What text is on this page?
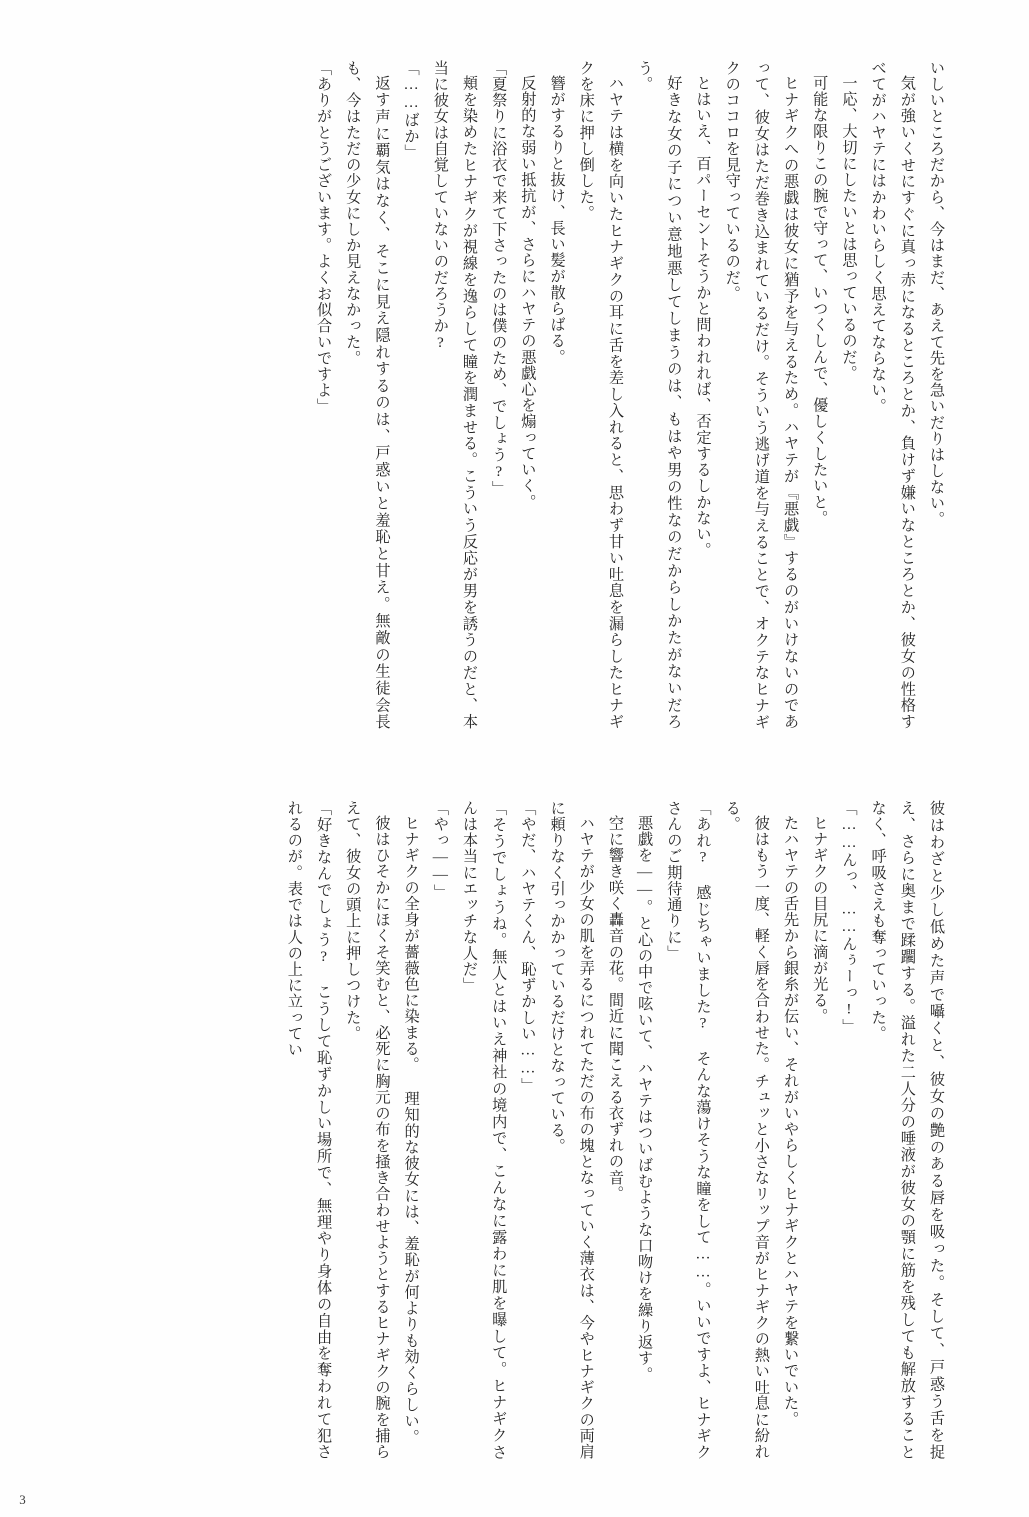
いしいところだから、今はまだ、あえて先を急いだりはしない。

気が強いくせにすぐに真っ赤になるところとか、負けず嫌いなところとか、彼女の性格すべてがハヤテにはかわいらしく思えてならない。

一応、大切にしたいとは思っているのだ。

可能な限りこの腕で守って、いつくしんで、優しくしたいと。

ヒナギクへの悪戯は彼女に猶予を与えるため。ハヤテが『悪戯』するのがいけないのであって、彼女はただ巻き込まれているだけ。そういう逃げ道を与えることで、オクテなヒナギクのココロを見守っているのだ。

とはいえ、百パーセントそうかと問われれば、否定するしかない。

好きな女の子につい意地悪してしまうのは、もはや男の性なのだからしかたがないだろう。

ハヤテは横を向いたヒナギクの耳に舌を差し入れると、思わず甘い吐息を漏らしたヒナギクを床に押し倒した。

簪がするりと抜け、長い髪が散らばる。

反射的な弱い抵抗が、さらにハヤテの悪戯心を煽っていく。

「夏祭りに浴衣で来て下さったのは僕のため、でしょう?」

頬を染めたヒナギクが視線を逸らして瞳を潤ませる。こういう反応が男を誘うのだと、本当に彼女は自覚していないのだろうか?

「……ばか」

返す声に覇気はなく、そこに見え隠れするのは、戸惑いと羞恥と甘え。無敵の生徒会長も、今はただの少女にしか見えなかった。

「ありがとうございます。よくお似合いですよ」

彼はわざと少し低めた声で囁くと、彼女の艶のある唇を吸った。そして、戸惑う舌を捉え、さらに奥まで蹂躙する。溢れた二人分の唾液が彼女の顎に筋を残しても解放することなく、呼吸さえも奪っていった。

「……んっ、……んぅーっ!」

ヒナギクの目尻に滴が光る。

たハヤテの舌先から銀糸が伝い、それがいやらしくヒナギクとハヤテを繋いでいた。

彼はもう一度、軽く唇を合わせた。チュッと小さなリップ音がヒナギクの熱い吐息に紛れる。

「あれ? 感じちゃいました? そんな蕩けそうな瞳をして……。いいですよ、ヒナギクさんのご期待通りに」

悪戯を——。と心の中で呟いて、ハヤテはついばむような口吻けを繰り返す。

空に響き咲く轟音の花。間近に聞こえる衣ずれの音。

ハヤテが少女の肌を弄るにつれてただの布の塊となっていく薄衣は、今やヒナギクの両肩に頼りなく引っかかっているだけとなっている。

「やだ、ハヤテくん、恥ずかしい……」

「そうでしょうね。無人とはいえ神社の境内で、こんなに露わに肌を曝して。ヒナギクさんは本当にエッチな人だ」

「やっ——」

ヒナギクの全身が薔薇色に染まる。 理知的な彼女には、羞恥が何よりも効くらしい。

彼はひそかにほくそ笑むと、必死に胸元の布を掻き合わせようとするヒナギクの腕を捕らえて、彼女の頭上に押しつけた。

「好きなんでしょう? こうして恥ずかしい場所で、無理やり身体の自由を奪われて犯されるのが。表では人の上に立ってい

3
